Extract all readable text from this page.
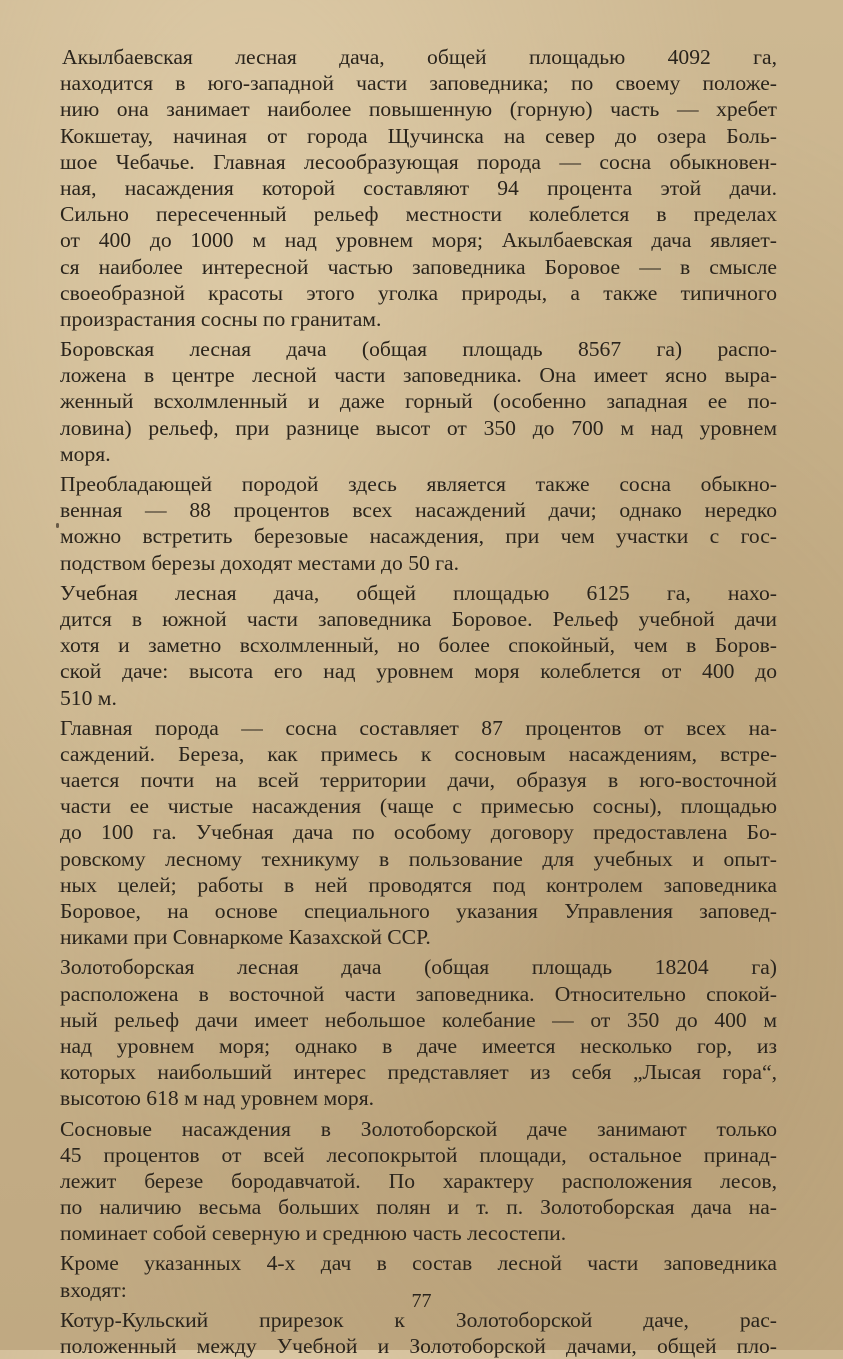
Акылбаевская лесная дача, общей площадью 4092 га,
находится в юго-западной части заповедника; по своему положе-
нию она занимает наиболее повышенную (горную) часть — хребет
Кокшетау, начиная от города Щучинска на север до озера Боль-
шое Чебачье. Главная лесообразующая порода — сосна обыкновен-
ная, насаждения которой составляют 94 процента этой дачи.
Сильно пересеченный рельеф местности колеблется в пределах
от 400 до 1000 м над уровнем моря; Акылбаевская дача являет-
ся наиболее интересной частью заповедника Боровое — в смысле
своеобразной красоты этого уголка природы, а также типичного
произрастания сосны по гранитам.
Боровская лесная дача (общая площадь 8567 га) распо-
ложена в центре лесной части заповедника. Она имеет ясно выра-
женный всхолмленный и даже горный (особенно западная ее по-
ловина) рельеф, при разнице высот от 350 до 700 м над уровнем
моря.
Преобладающей породой здесь является также сосна обыкно-
венная — 88 процентов всех насаждений дачи; однако нередко
можно встретить березовые насаждения, при чем участки с гос-
подством березы доходят местами до 50 га.
Учебная лесная дача, общей площадью 6125 га, нахо-
дится в южной части заповедника Боровое. Рельеф учебной дачи
хотя и заметно всхолмленный, но более спокойный, чем в Боров-
ской даче: высота его над уровнем моря колеблется от 400 до
510 м.
Главная порода — сосна составляет 87 процентов от всех на-
саждений. Береза, как примесь к сосновым насаждениям, встре-
чается почти на всей территории дачи, образуя в юго-восточной
части ее чистые насаждения (чаще с примесью сосны), площадью
до 100 га. Учебная дача по особому договору предоставлена Бо-
ровскому лесному техникуму в пользование для учебных и опыт-
ных целей; работы в ней проводятся под контролем заповедника
Боровое, на основе специального указания Управления заповед-
никами при Совнаркоме Казахской ССР.
Золотоборская лесная дача (общая площадь 18204 га)
расположена в восточной части заповедника. Относительно спокой-
ный рельеф дачи имеет небольшое колебание — от 350 до 400 м
над уровнем моря; однако в даче имеется несколько гор, из
которых наибольший интерес представляет из себя „Лысая гора“,
высотою 618 м над уровнем моря.
Сосновые насаждения в Золотоборской даче занимают только
45 процентов от всей лесопокрытой площади, остальное принад-
лежит березе бородавчатой. По характеру расположения лесов,
по наличию весьма больших полян и т. п. Золотоборская дача на-
поминает собой северную и среднюю часть лесостепи.
Кроме указанных 4-х дач в состав лесной части заповедника
входят:
Котур-Кульский прирезок к Золотоборской даче, рас-
положенный между Учебной и Золотоборской дачами, общей пло-
77
